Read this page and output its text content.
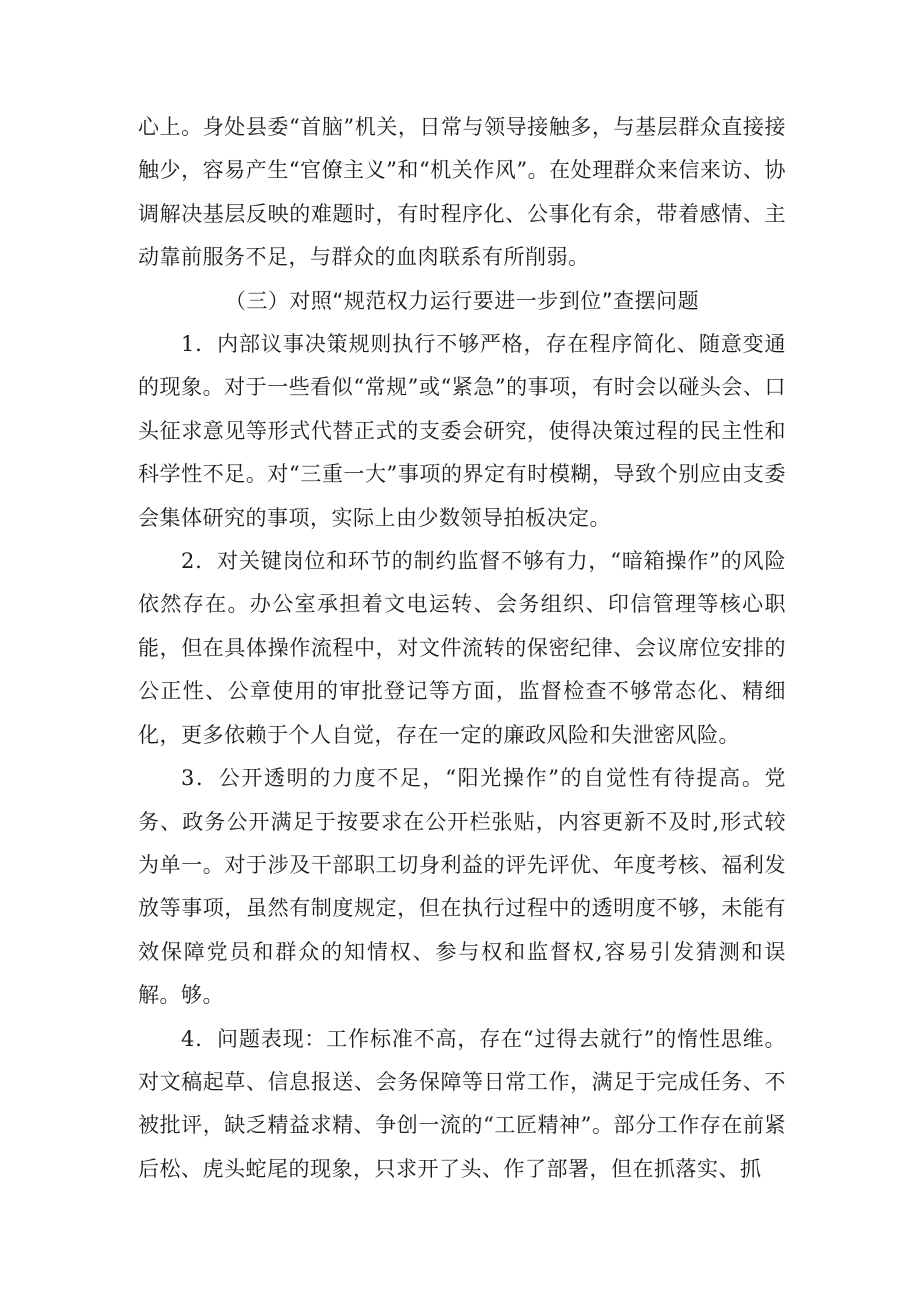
心上。身处县委“首脑”机关，日常与领导接触多，与基层群众直接接触少，容易产生“官僚主义”和“机关作风”。在处理群众来信来访、协调解决基层反映的难题时，有时程序化、公事化有余，带着感情、主动靠前服务不足，与群众的血肉联系有所削弱。

（三）对照“规范权力运行要进一步到位”查摆问题

1．内部议事决策规则执行不够严格，存在程序简化、随意变通的现象。对于一些看似“常规”或“紧急”的事项，有时会以碰头会、口头征求意见等形式代替正式的支委会研究，使得决策过程的民主性和科学性不足。对“三重一大”事项的界定有时模糊，导致个别应由支委会集体研究的事项，实际上由少数领导拍板决定。

2．对关键岗位和环节的制约监督不够有力，“暗箱操作”的风险依然存在。办公室承担着文电运转、会务组织、印信管理等核心职能，但在具体操作流程中，对文件流转的保密纪律、会议席位安排的公正性、公章使用的审批登记等方面，监督检查不够常态化、精细化，更多依赖于个人自觉，存在一定的廉政风险和失泄密风险。

3．公开透明的力度不足，“阳光操作”的自觉性有待提高。党务、政务公开满足于按要求在公开栏张贴，内容更新不及时,形式较为单一。对于涉及干部职工切身利益的评先评优、年度考核、福利发放等事项，虽然有制度规定，但在执行过程中的透明度不够，未能有效保障党员和群众的知情权、参与权和监督权,容易引发猜测和误解。够。

4．问题表现：工作标准不高，存在“过得去就行”的惰性思维。对文稿起草、信息报送、会务保障等日常工作，满足于完成任务、不被批评，缺乏精益求精、争创一流的“工匠精神”。部分工作存在前紧后松、虎头蛇尾的现象，只求开了头、作了部署，但在抓落实、抓
